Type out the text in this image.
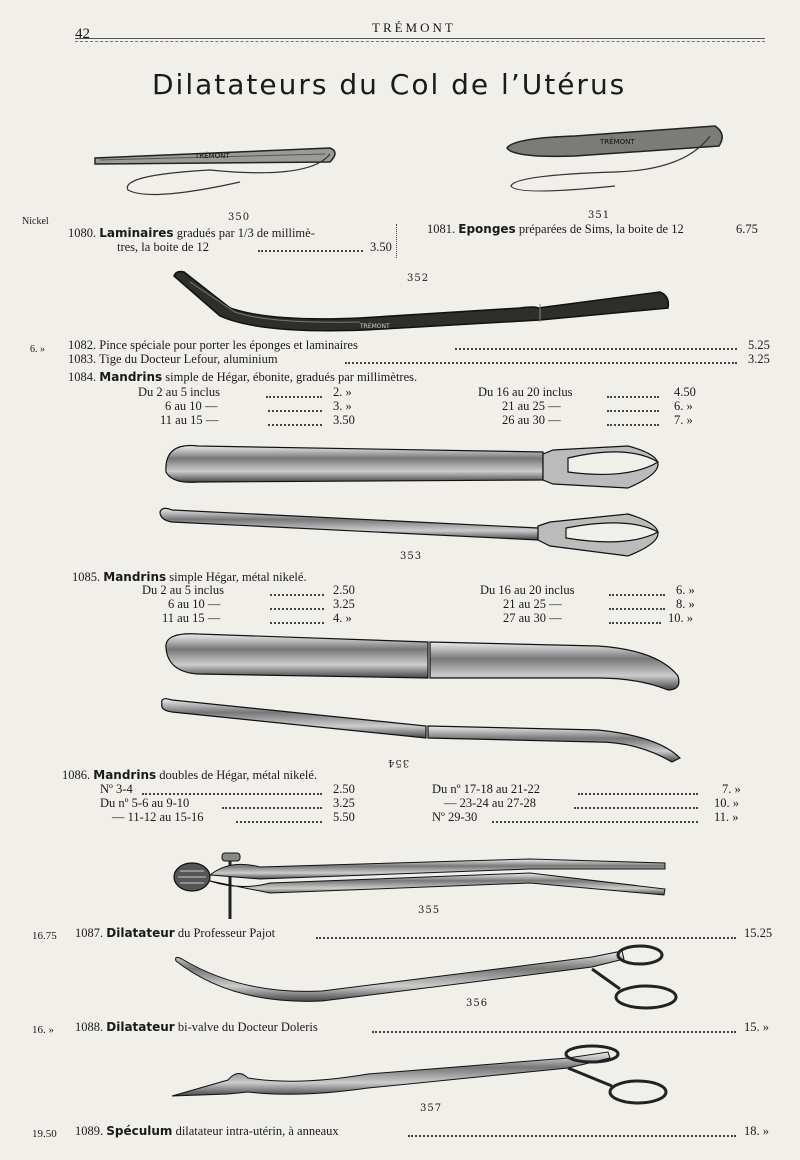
42	TRÉMONT
Dilatateurs du Col de l’Utérus
TRÉMONT
350
TRÉMONT
351
Nickel
1080. Laminaires gradués par 1/3 de millimè-
tres, la boite de 12	3.50
1081. Eponges préparées de Sims, la boite de 12	6.75
352
TRÉMONT
6. » 1082. Pince spéciale pour porter les éponges et laminaires	5.25
1083. Tige du Docteur Lefour, aluminium	3.25
1084. Mandrins simple de Hégar, ébonite, gradués par millimètres.
Du 2 au 5 inclus	2. »
6 au 10 —	3. »
11 au 15 —	3.50
Du 16 au 20 inclus	4.50
21 au 25 —	6. »
26 au 30 —	7. »
353
1085. Mandrins simple Hégar, métal nikelé.
Du 2 au 5 inclus	2.50
6 au 10 —	3.25
11 au 15 —	4. »
Du 16 au 20 inclus	6. »
21 au 25 —	8. »
27 au 30 —	10. »
354
1086. Mandrins doubles de Hégar, métal nikelé.
Nº 3-4	2.50
Du nº 5-6 au 9-10	3.25
— 11-12 au 15-16	5.50
Du nº 17-18 au 21-22	7. »
— 23-24 au 27-28	10. »
Nº 29-30	11. »
355
16.75 1087. Dilatateur du Professeur Pajot	15.25
356
16. » 1088. Dilatateur bi-valve du Docteur Doleris	15. »
357
19.50 1089. Spéculum dilatateur intra-utérin, à anneaux	18. »
